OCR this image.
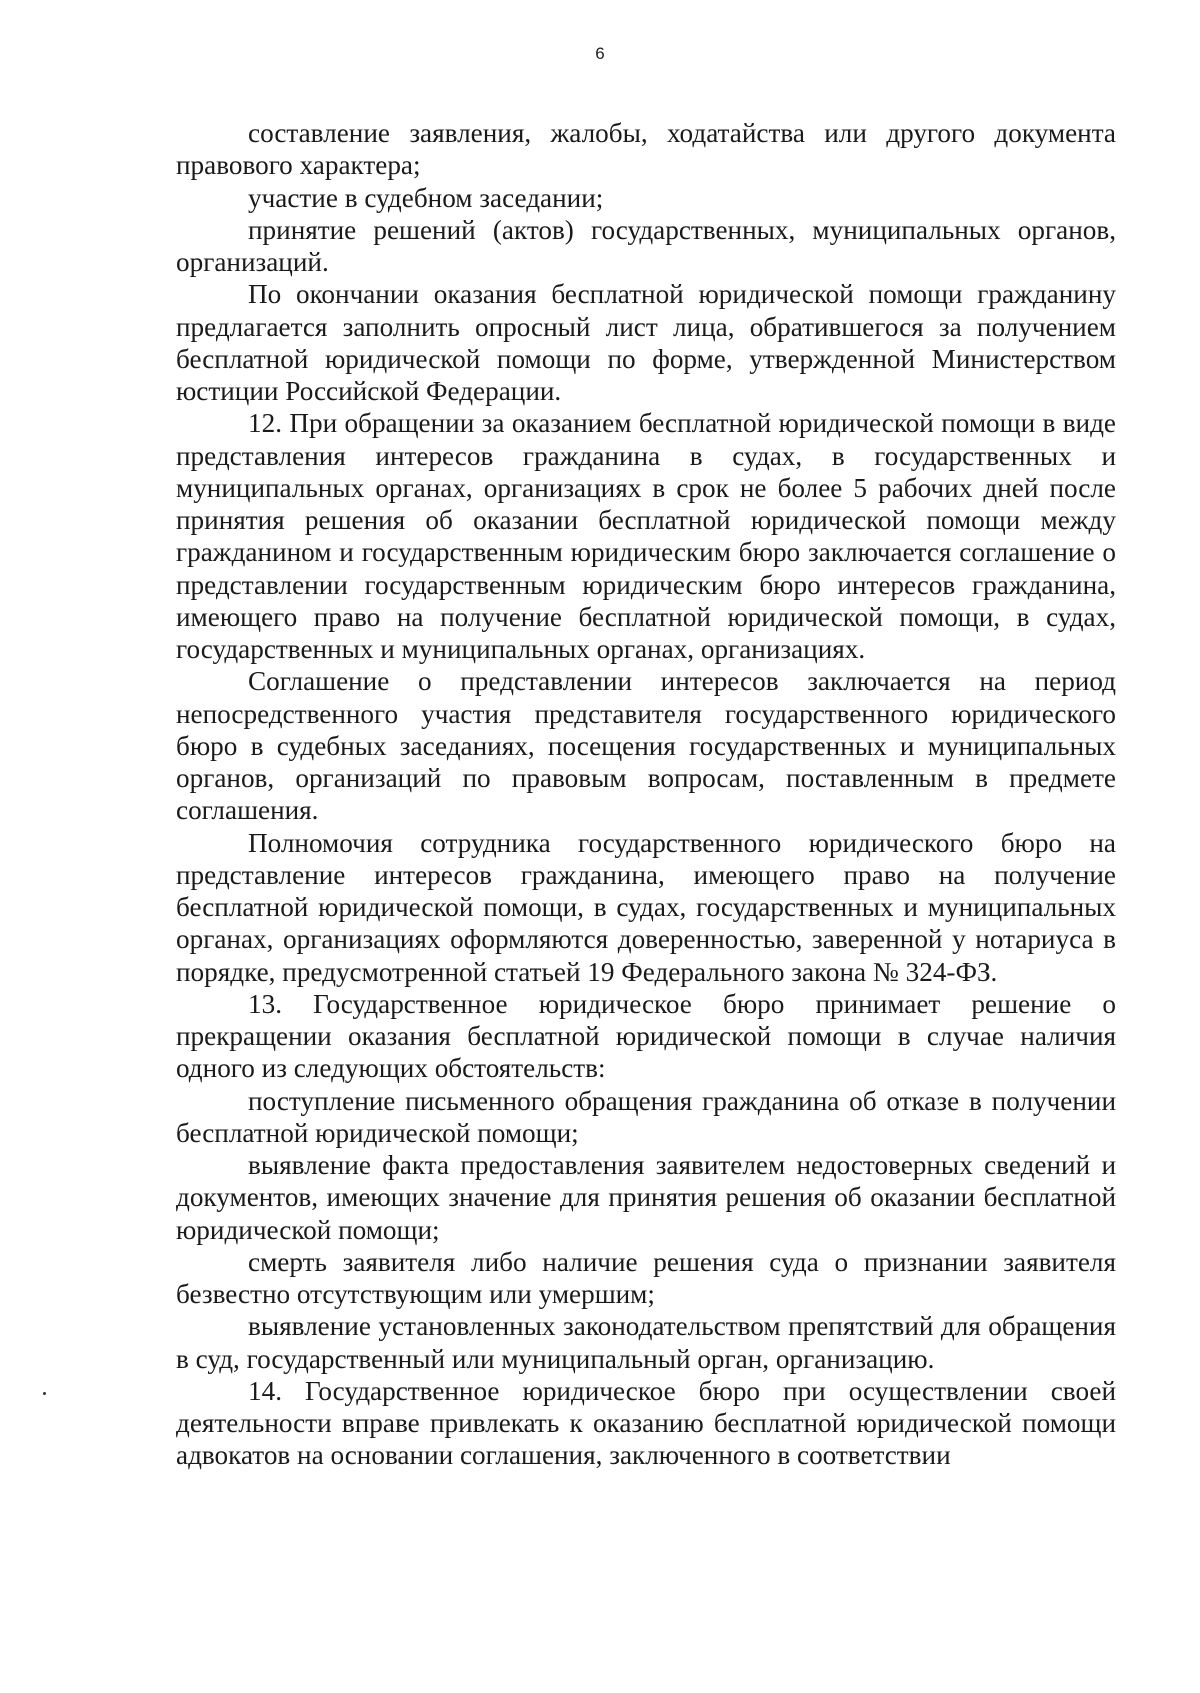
6

составление заявления, жалобы, ходатайства или другого документа правового характера;

участие в судебном заседании;

принятие решений (актов) государственных, муниципальных органов, организаций.

По окончании оказания бесплатной юридической помощи гражданину предлагается заполнить опросный лист лица, обратившегося за получением бесплатной юридической помощи по форме, утвержденной Министерством юстиции Российской Федерации.

12. При обращении за оказанием бесплатной юридической помощи в виде представления интересов гражданина в судах, в государственных и муниципальных органах, организациях в срок не более 5 рабочих дней после принятия решения об оказании бесплатной юридической помощи между гражданином и государственным юридическим бюро заключается соглашение о представлении государственным юридическим бюро интересов гражданина, имеющего право на получение бесплатной юридической помощи, в судах, государственных и муниципальных органах, организациях.

Соглашение о представлении интересов заключается на период непосредственного участия представителя государственного юридического бюро в судебных заседаниях, посещения государственных и муниципальных органов, организаций по правовым вопросам, поставленным в предмете соглашения.

Полномочия сотрудника государственного юридического бюро на представление интересов гражданина, имеющего право на получение бесплатной юридической помощи, в судах, государственных и муниципальных органах, организациях оформляются доверенностью, заверенной у нотариуса в порядке, предусмотренной статьей 19 Федерального закона № 324-ФЗ.

13. Государственное юридическое бюро принимает решение о прекращении оказания бесплатной юридической помощи в случае наличия одного из следующих обстоятельств:

поступление письменного обращения гражданина об отказе в получении бесплатной юридической помощи;

выявление факта предоставления заявителем недостоверных сведений и документов, имеющих значение для принятия решения об оказании бесплатной юридической помощи;

смерть заявителя либо наличие решения суда о признании заявителя безвестно отсутствующим или умершим;

выявление установленных законодательством препятствий для обращения в суд, государственный или муниципальный орган, организацию.

14. Государственное юридическое бюро при осуществлении своей деятельности вправе привлекать к оказанию бесплатной юридической помощи адвокатов на основании соглашения, заключенного в соответствии
